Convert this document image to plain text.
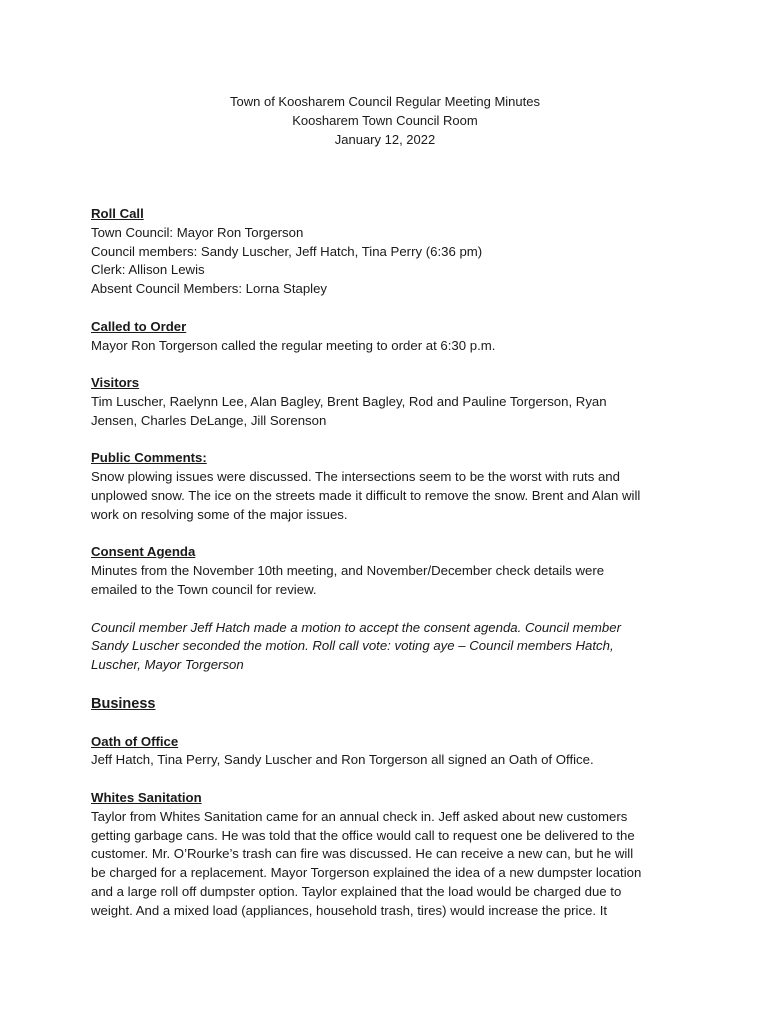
Town of Koosharem Council Regular Meeting Minutes
Koosharem Town Council Room
January 12, 2022
Roll Call
Town Council: Mayor Ron Torgerson
Council members: Sandy Luscher, Jeff Hatch, Tina Perry (6:36 pm)
Clerk: Allison Lewis
Absent Council Members: Lorna Stapley
Called to Order
Mayor Ron Torgerson called the regular meeting to order at 6:30 p.m.
Visitors
Tim Luscher, Raelynn Lee, Alan Bagley, Brent Bagley, Rod and Pauline Torgerson, Ryan
Jensen, Charles DeLange, Jill Sorenson
Public Comments:
Snow plowing issues were discussed. The intersections seem to be the worst with ruts and
unplowed snow. The ice on the streets made it difficult to remove the snow. Brent and Alan will
work on resolving some of the major issues.
Consent Agenda
Minutes from the November 10th meeting, and November/December check details were
emailed to the Town council for review.
Council member Jeff Hatch made a motion to accept the consent agenda. Council member
Sandy Luscher seconded the motion. Roll call vote: voting aye – Council members Hatch,
Luscher, Mayor Torgerson
Business
Oath of Office
Jeff Hatch, Tina Perry, Sandy Luscher and Ron Torgerson all signed an Oath of Office.
Whites Sanitation
Taylor from Whites Sanitation came for an annual check in. Jeff asked about new customers
getting garbage cans. He was told that the office would call to request one be delivered to the
customer. Mr. O’Rourke’s trash can fire was discussed. He can receive a new can, but he will
be charged for a replacement. Mayor Torgerson explained the idea of a new dumpster location
and a large roll off dumpster option. Taylor explained that the load would be charged due to
weight. And a mixed load (appliances, household trash, tires) would increase the price. It
